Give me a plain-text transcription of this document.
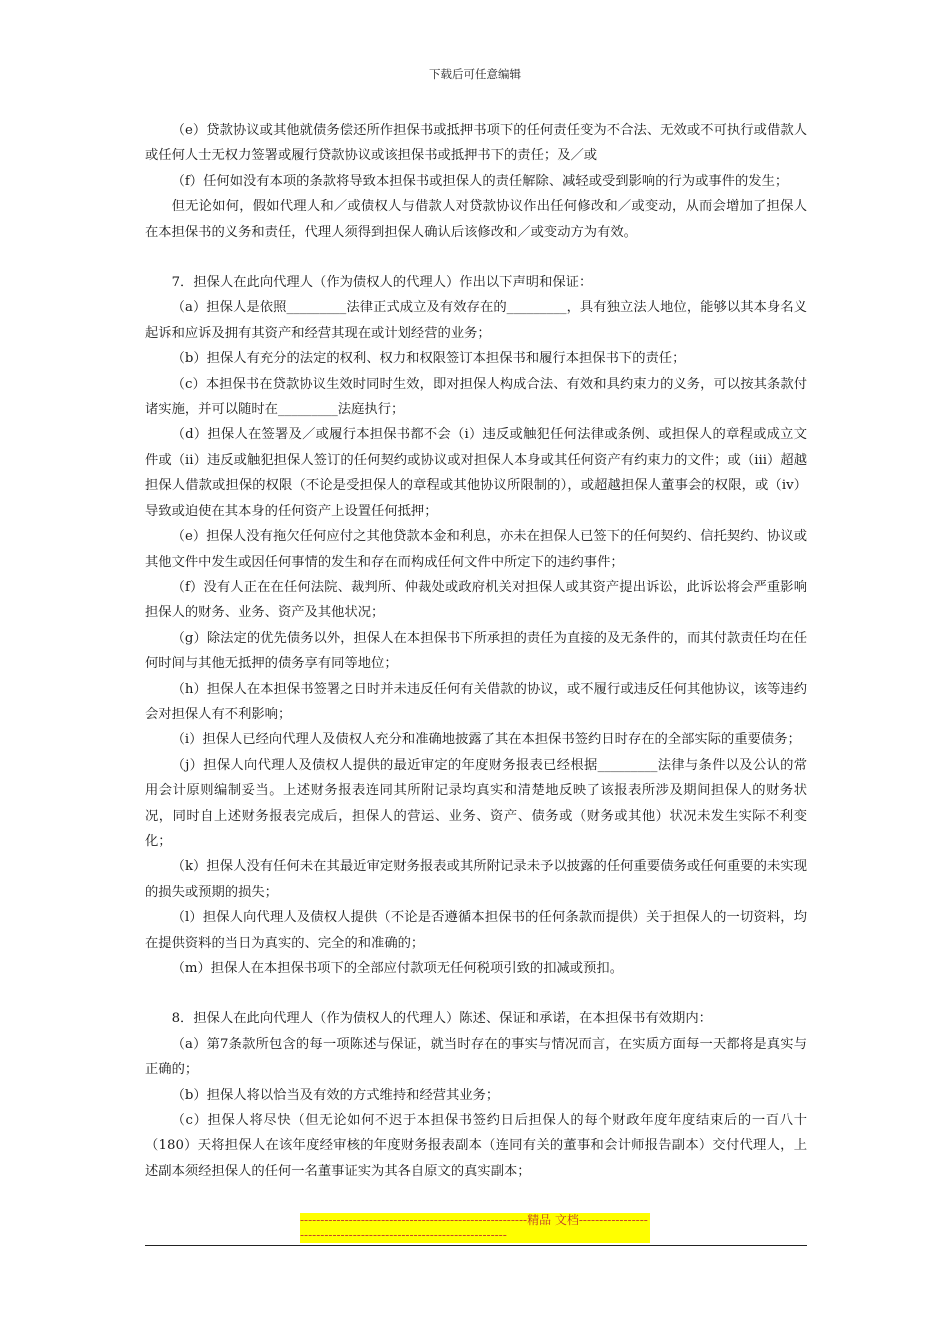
下载后可任意编辑

（e）贷款协议或其他就债务偿还所作担保书或抵押书项下的任何责任变为不合法、无效或不可执行或借款人或任何人士无权力签署或履行贷款协议或该担保书或抵押书下的责任；及／或

（f）任何如没有本项的条款将导致本担保书或担保人的责任解除、减轻或受到影响的行为或事件的发生；

但无论如何，假如代理人和／或债权人与借款人对贷款协议作出任何修改和／或变动，从而会增加了担保人在本担保书的义务和责任，代理人须得到担保人确认后该修改和／或变动方为有效。

7．担保人在此向代理人（作为债权人的代理人）作出以下声明和保证：

（a）担保人是依照_________法律正式成立及有效存在的_________，具有独立法人地位，能够以其本身名义起诉和应诉及拥有其资产和经营其现在或计划经营的业务；

（b）担保人有充分的法定的权利、权力和权限签订本担保书和履行本担保书下的责任；

（c）本担保书在贷款协议生效时同时生效，即对担保人构成合法、有效和具约束力的义务，可以按其条款付诸实施，并可以随时在_________法庭执行；

（d）担保人在签署及／或履行本担保书都不会（i）违反或触犯任何法律或条例、或担保人的章程或成立文件或（ii）违反或触犯担保人签订的任何契约或协议或对担保人本身或其任何资产有约束力的文件；或（iii）超越担保人借款或担保的权限（不论是受担保人的章程或其他协议所限制的），或超越担保人董事会的权限，或（iv）导致或迫使在其本身的任何资产上设置任何抵押；

（e）担保人没有拖欠任何应付之其他贷款本金和利息，亦未在担保人已签下的任何契约、信托契约、协议或其他文件中发生或因任何事情的发生和存在而构成任何文件中所定下的违约事件；

（f）没有人正在在任何法院、裁判所、仲裁处或政府机关对担保人或其资产提出诉讼，此诉讼将会严重影响担保人的财务、业务、资产及其他状况；

（g）除法定的优先债务以外，担保人在本担保书下所承担的责任为直接的及无条件的，而其付款责任均在任何时间与其他无抵押的债务享有同等地位；

（h）担保人在本担保书签署之日时并未违反任何有关借款的协议，或不履行或违反任何其他协议，该等违约会对担保人有不利影响；

（i）担保人已经向代理人及债权人充分和准确地披露了其在本担保书签约日时存在的全部实际的重要债务；

（j）担保人向代理人及债权人提供的最近审定的年度财务报表已经根据_________法律与条件以及公认的常用会计原则编制妥当。上述财务报表连同其所附记录均真实和清楚地反映了该报表所涉及期间担保人的财务状况，同时自上述财务报表完成后，担保人的营运、业务、资产、债务或（财务或其他）状况未发生实际不利变化；

（k）担保人没有任何未在其最近审定财务报表或其所附记录未予以披露的任何重要债务或任何重要的未实现的损失或预期的损失；

（l）担保人向代理人及债权人提供（不论是否遵循本担保书的任何条款而提供）关于担保人的一切资料，均在提供资料的当日为真实的、完全的和准确的；

（m）担保人在本担保书项下的全部应付款项无任何税项引致的扣减或预扣。

8．担保人在此向代理人（作为债权人的代理人）陈述、保证和承诺，在本担保书有效期内：

（a）第7条款所包含的每一项陈述与保证，就当时存在的事实与情况而言，在实质方面每一天都将是真实与正确的；

（b）担保人将以恰当及有效的方式维持和经营其业务；

（c）担保人将尽快（但无论如何不迟于本担保书签约日后担保人的每个财政年度年度结束后的一百八十（180）天将担保人在该年度经审核的年度财务报表副本（连同有关的董事和会计师报告副本）交付代理人，上述副本须经担保人的任何一名董事证实为其各自原文的真实副本；

--------------------------------------------------------精品 文档--------------------------------------------------------------------
